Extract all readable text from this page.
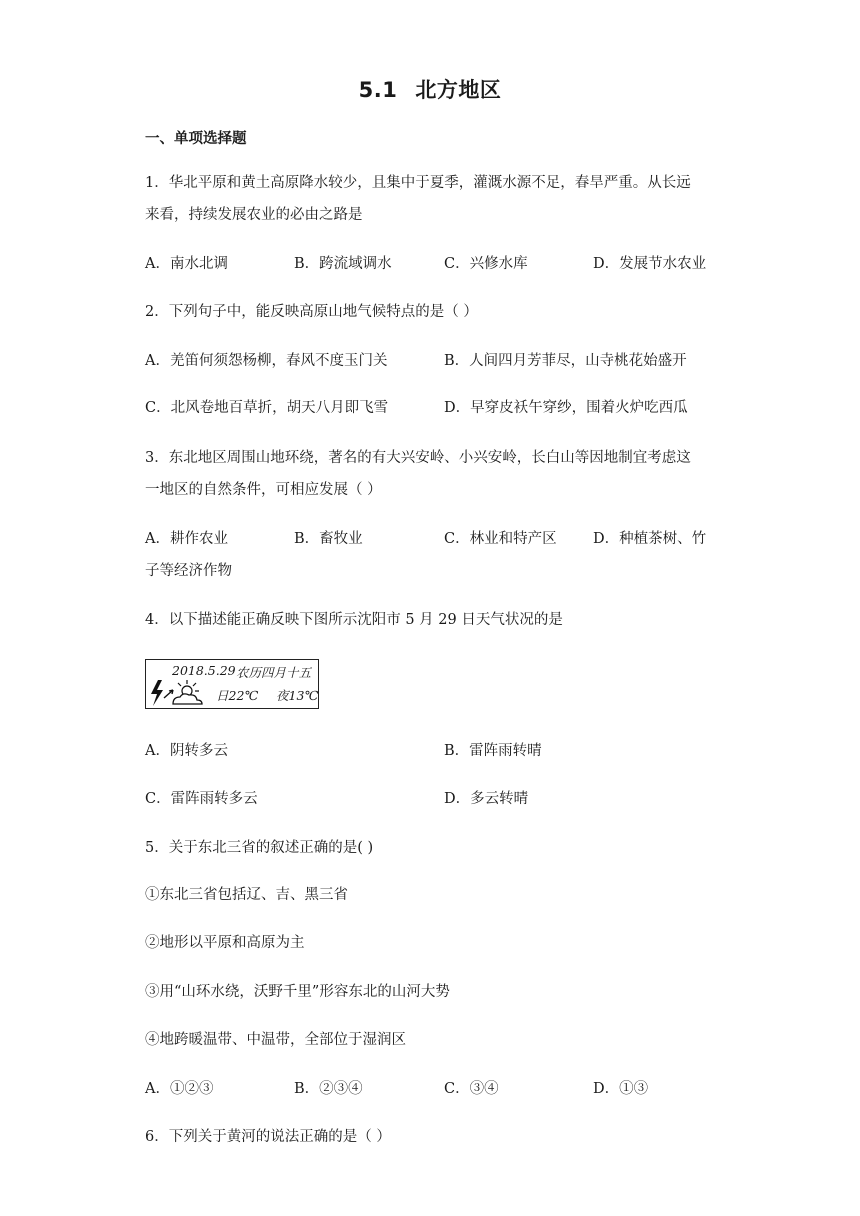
5.1 北方地区
一、单项选择题
1．华北平原和黄土高原降水较少，且集中于夏季，灌溉水源不足，春旱严重。从长远
来看，持续发展农业的必由之路是
A．南水北调	B．跨流域调水	C．兴修水库	D．发展节水农业
2．下列句子中，能反映高原山地气候特点的是（ ）
A．羌笛何须怨杨柳，春风不度玉门关	B．人间四月芳菲尽，山寺桃花始盛开
C．北风卷地百草折，胡天八月即飞雪	D．早穿皮袄午穿纱，围着火炉吃西瓜
3．东北地区周围山地环绕，著名的有大兴安岭、小兴安岭，长白山等因地制宜考虑这
一地区的自然条件，可相应发展（ ）
A．耕作农业	B．畜牧业	C．林业和特产区	D．种植茶树、竹
子等经济作物
4．以下描述能正确反映下图所示沈阳市 5 月 29 日天气状况的是
2018.5.29 农历四月十五
日22℃ 夜13℃
A．阴转多云	B．雷阵雨转晴
C．雷阵雨转多云	D．多云转晴
5．关于东北三省的叙述正确的是( )
①东北三省包括辽、吉、黑三省
②地形以平原和高原为主
③用“山环水绕，沃野千里”形容东北的山河大势
④地跨暖温带、中温带，全部位于湿润区
A．①②③	B．②③④	C．③④	D．①③
6．下列关于黄河的说法正确的是（ ）
